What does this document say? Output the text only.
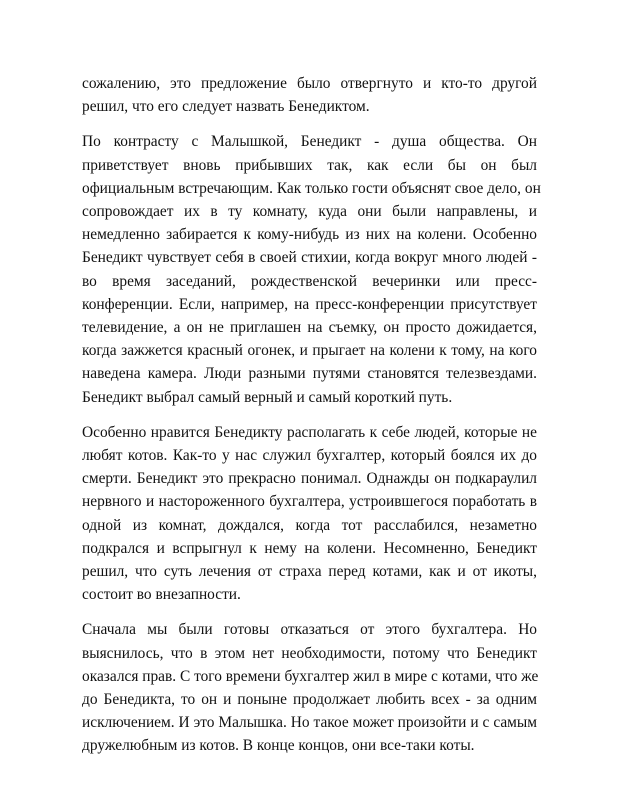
сожалению, это предложение было отвергнуто и кто-то другой
решил, что его следует назвать Бенедиктом.

По контрасту с Малышкой, Бенедикт - душа общества. Он
приветствует вновь прибывших так, как если бы он был
официальным встречающим. Как только гости объяснят свое дело, он
сопровождает их в ту комнату, куда они были направлены, и
немедленно забирается к кому-нибудь из них на колени. Особенно
Бенедикт чувствует себя в своей стихии, когда вокруг много людей -
во время заседаний, рождественской вечеринки или пресс-
конференции. Если, например, на пресс-конференции присутствует
телевидение, а он не приглашен на съемку, он просто дожидается,
когда зажжется красный огонек, и прыгает на колени к тому, на кого
наведена камера. Люди разными путями становятся телезвездами.
Бенедикт выбрал самый верный и самый короткий путь.

Особенно нравится Бенедикту располагать к себе людей, которые не
любят котов. Как-то у нас служил бухгалтер, который боялся их до
смерти. Бенедикт это прекрасно понимал. Однажды он подкараулил
нервного и настороженного бухгалтера, устроившегося поработать в
одной из комнат, дождался, когда тот расслабился, незаметно
подкрался и вспрыгнул к нему на колени. Несомненно, Бенедикт
решил, что суть лечения от страха перед котами, как и от икоты,
состоит во внезапности.

Сначала мы были готовы отказаться от этого бухгалтера. Но
выяснилось, что в этом нет необходимости, потому что Бенедикт
оказался прав. С того времени бухгалтер жил в мире с котами, что же
до Бенедикта, то он и поныне продолжает любить всех - за одним
исключением. И это Малышка. Но такое может произойти и с самым
дружелюбным из котов. В конце концов, они все-таки коты.
